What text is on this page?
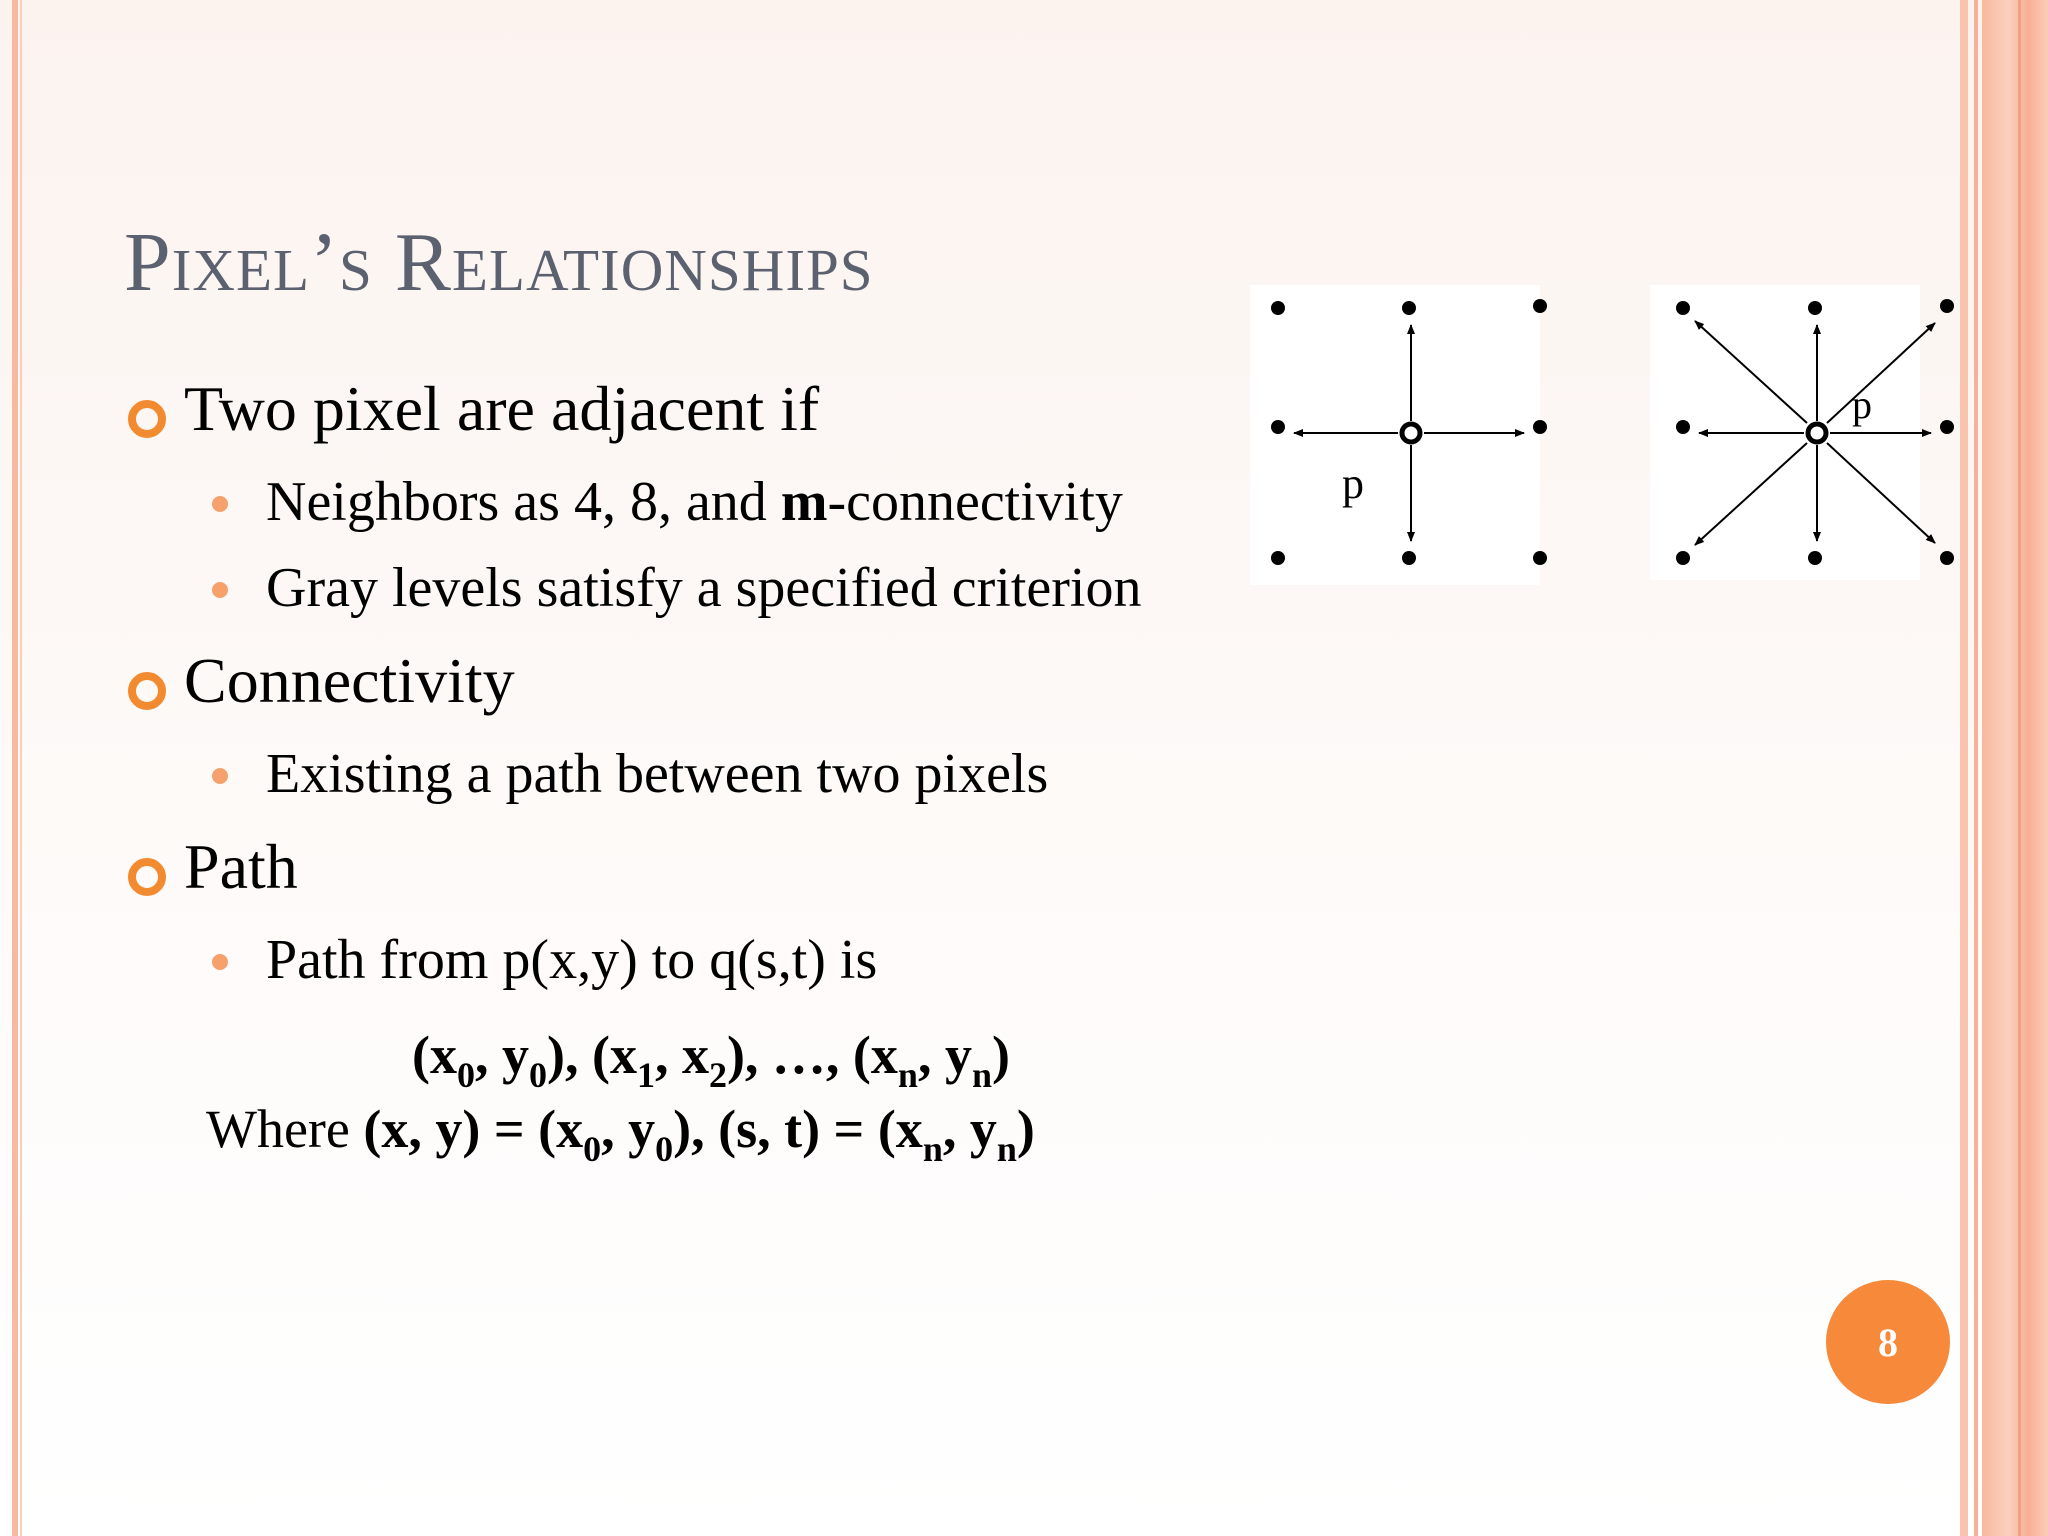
Pixel’s Relationships
Two pixel are adjacent if
Neighbors as 4, 8, and m-connectivity
Gray levels satisfy a specified criterion
Connectivity
Existing a path between two pixels
Path
Path from p(x,y) to q(s,t) is
($x_0$, $y_0$), ($x_1$, $x_2$), …, ($x_n$, $y_n$)
Where (x, $y) = (x_0$, $y_0$), (s, $t) = (x_n$, $y_n$)
p
p
8
